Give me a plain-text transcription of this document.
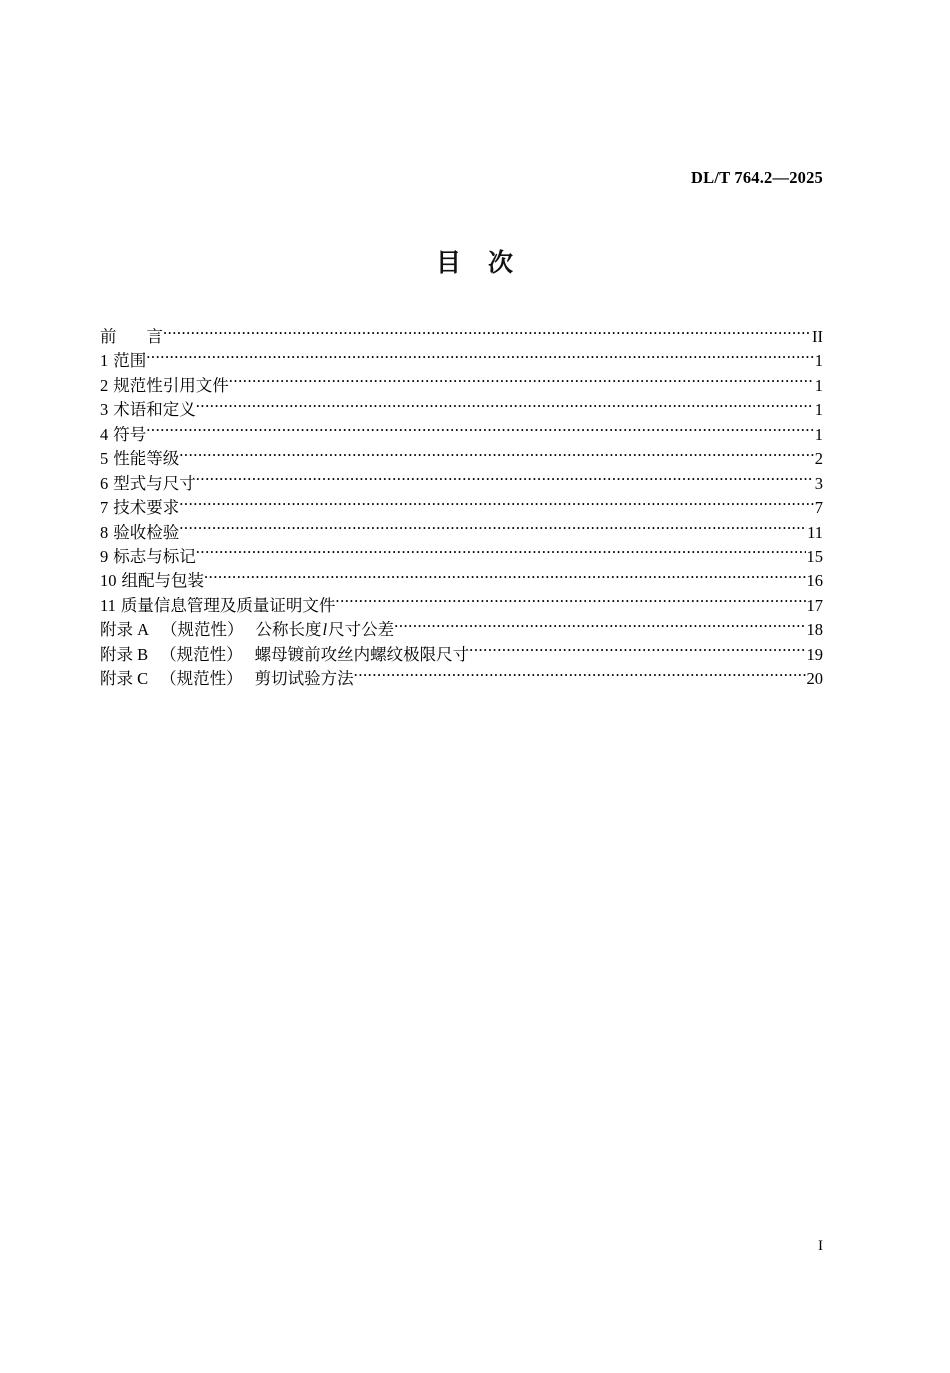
DL/T 764.2—2025
目 次
前 言 .....	II
1 范围 .....	1
2 规范性引用文件 .....	1
3 术语和定义 .....	1
4 符号 .....	1
5 性能等级 .....	2
6 型式与尺寸 .....	3
7 技术要求 .....	7
8 验收检验 .....	11
9 标志与标记 .....	15
10 组配与包装 .....	16
11 质量信息管理及质量证明文件 .....	17
附录 A （规范性） 公称长度l尺寸公差 .....	18
附录 B （规范性） 螺母镀前攻丝内螺纹极限尺寸 .....	19
附录 C （规范性） 剪切试验方法 .....	20
I
